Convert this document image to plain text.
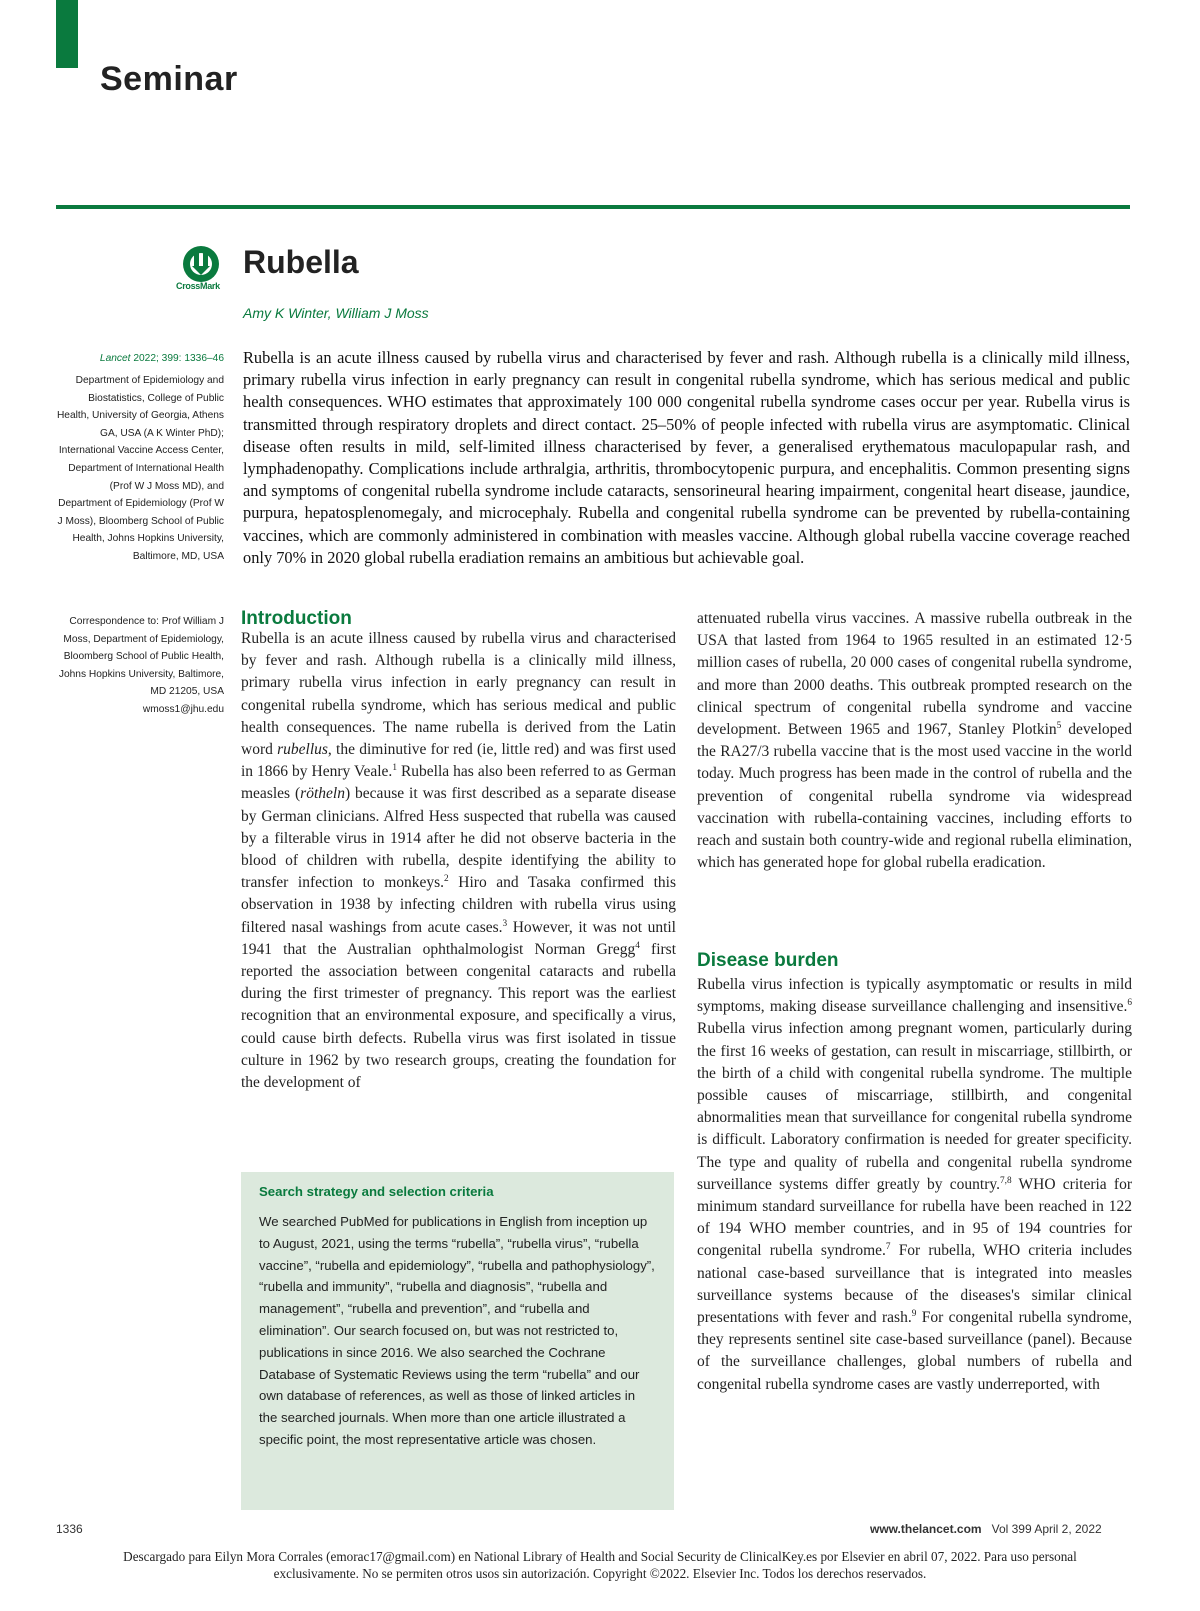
Seminar
CrossMark
Rubella
Amy K Winter, William J Moss
Lancet 2022; 399: 1336–46
Department of Epidemiology and Biostatistics, College of Public Health, University of Georgia, Athens GA, USA (A K Winter PhD); International Vaccine Access Center, Department of International Health (Prof W J Moss MD), and Department of Epidemiology (Prof W J Moss), Bloomberg School of Public Health, Johns Hopkins University, Baltimore, MD, USA
Correspondence to: Prof William J Moss, Department of Epidemiology, Bloomberg School of Public Health, Johns Hopkins University, Baltimore, MD 21205, USA
wmoss1@jhu.edu

Rubella is an acute illness caused by rubella virus and characterised by fever and rash. Although rubella is a clinically mild illness, primary rubella virus infection in early pregnancy can result in congenital rubella syndrome, which has serious medical and public health consequences. WHO estimates that approximately 100 000 congenital rubella syndrome cases occur per year. Rubella virus is transmitted through respiratory droplets and direct contact. 25–50% of people infected with rubella virus are asymptomatic. Clinical disease often results in mild, self-limited illness characterised by fever, a generalised erythematous maculopapular rash, and lymphadenopathy. Complications include arthralgia, arthritis, thrombocytopenic purpura, and encephalitis. Common presenting signs and symptoms of congenital rubella syndrome include cataracts, sensorineural hearing impairment, congenital heart disease, jaundice, purpura, hepatosplenomegaly, and microcephaly. Rubella and congenital rubella syndrome can be prevented by rubella-containing vaccines, which are commonly administered in combination with measles vaccine. Although global rubella vaccine coverage reached only 70% in 2020 global rubella eradiation remains an ambitious but achievable goal.

Introduction

Rubella is an acute illness caused by rubella virus and characterised by fever and rash. Although rubella is a clinically mild illness, primary rubella virus infection in early pregnancy can result in congenital rubella syndrome, which has serious medical and public health consequences. The name rubella is derived from the Latin word rubellus, the diminutive for red (ie, little red) and was first used in 1866 by Henry Veale.$^1$ Rubella has also been referred to as German measles (rötheln) because it was first described as a separate disease by German clinicians. Alfred Hess suspected that rubella was caused by a filterable virus in 1914 after he did not observe bacteria in the blood of children with rubella, despite identifying the ability to transfer infection to monkeys.$^2$ Hiro and Tasaka confirmed this observation in 1938 by infecting children with rubella virus using filtered nasal washings from acute cases.$^3$ However, it was not until 1941 that the Australian ophthalmologist Norman Gregg$^4$ first reported the association between congenital cataracts and rubella during the first trimester of pregnancy. This report was the earliest recognition that an environmental exposure, and specifically a virus, could cause birth defects. Rubella virus was first isolated in tissue culture in 1962 by two research groups, creating the foundation for the development of

attenuated rubella virus vaccines. A massive rubella outbreak in the USA that lasted from 1964 to 1965 resulted in an estimated 12·5 million cases of rubella, 20 000 cases of congenital rubella syndrome, and more than 2000 deaths. This outbreak prompted research on the clinical spectrum of congenital rubella syndrome and vaccine development. Between 1965 and 1967, Stanley Plotkin$^5$ developed the RA27/3 rubella vaccine that is the most used vaccine in the world today. Much progress has been made in the control of rubella and the prevention of congenital rubella syndrome via widespread vaccination with rubella-containing vaccines, including efforts to reach and sustain both country-wide and regional rubella elimination, which has generated hope for global rubella eradication.

Disease burden

Rubella virus infection is typically asymptomatic or results in mild symptoms, making disease surveillance challenging and insensitive.$^6$ Rubella virus infection among pregnant women, particularly during the first 16 weeks of gestation, can result in miscarriage, stillbirth, or the birth of a child with congenital rubella syndrome. The multiple possible causes of miscarriage, stillbirth, and congenital abnormalities mean that surveillance for congenital rubella syndrome is difficult. Laboratory confirmation is needed for greater specificity. The type and quality of rubella and congenital rubella syndrome surveillance systems differ greatly by country.$^{7,8}$ WHO criteria for minimum standard surveillance for rubella have been reached in 122 of 194 WHO member countries, and in 95 of 194 countries for congenital rubella syndrome.$^7$ For rubella, WHO criteria includes national case-based surveillance that is integrated into measles surveillance systems because of the diseases's similar clinical presentations with fever and rash.$^9$ For congenital rubella syndrome, they represents sentinel site case-based surveillance (panel). Because of the surveillance challenges, global numbers of rubella and congenital rubella syndrome cases are vastly underreported, with

Search strategy and selection criteria

We searched PubMed for publications in English from inception up to August, 2021, using the terms “rubella”, “rubella virus”, “rubella vaccine”, “rubella and epidemiology”, “rubella and pathophysiology”, “rubella and immunity”, “rubella and diagnosis”, “rubella and management”, “rubella and prevention”, and “rubella and elimination”. Our search focused on, but was not restricted to, publications in since 2016. We also searched the Cochrane Database of Systematic Reviews using the term “rubella” and our own database of references, as well as those of linked articles in the searched journals. When more than one article illustrated a specific point, the most representative article was chosen.

1336	www.thelancet.com Vol 399 April 2, 2022
Descargado para Eilyn Mora Corrales (emorac17@gmail.com) en National Library of Health and Social Security de ClinicalKey.es por Elsevier en abril 07, 2022. Para uso personal exclusivamente. No se permiten otros usos sin autorización. Copyright ©2022. Elsevier Inc. Todos los derechos reservados.
